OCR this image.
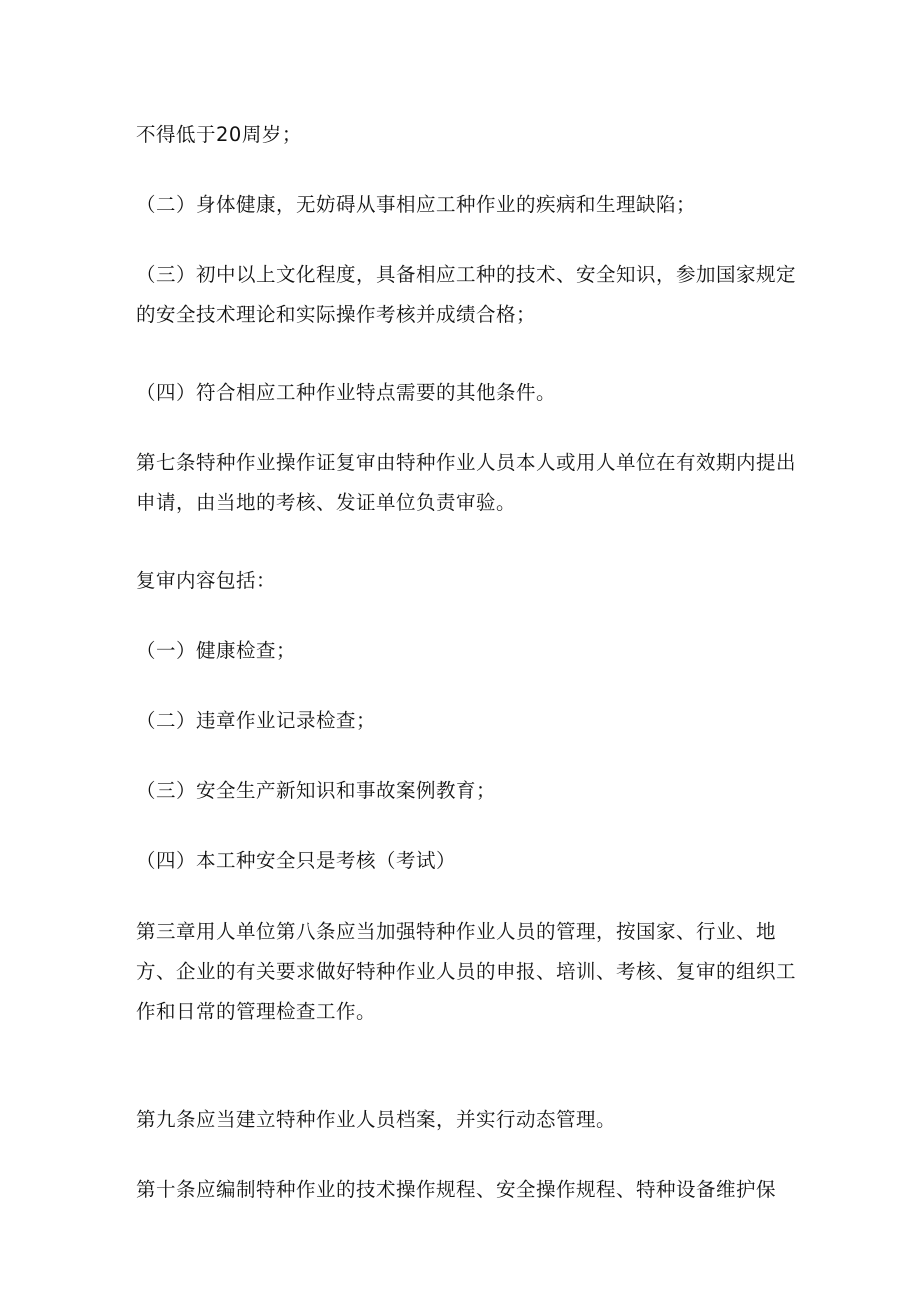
不得低于20周岁；

（二）身体健康，无妨碍从事相应工种作业的疾病和生理缺陷；

（三）初中以上文化程度，具备相应工种的技术、安全知识，参加国家规定的安全技术理论和实际操作考核并成绩合格；

（四）符合相应工种作业特点需要的其他条件。

第七条特种作业操作证复审由特种作业人员本人或用人单位在有效期内提出申请，由当地的考核、发证单位负责审验。

复审内容包括：

（一）健康检查；

（二）违章作业记录检查；

（三）安全生产新知识和事故案例教育；

（四）本工种安全只是考核（考试）

第三章用人单位第八条应当加强特种作业人员的管理，按国家、行业、地方、企业的有关要求做好特种作业人员的申报、培训、考核、复审的组织工作和日常的管理检查工作。

第九条应当建立特种作业人员档案，并实行动态管理。

第十条应编制特种作业的技术操作规程、安全操作规程、特种设备维护保
